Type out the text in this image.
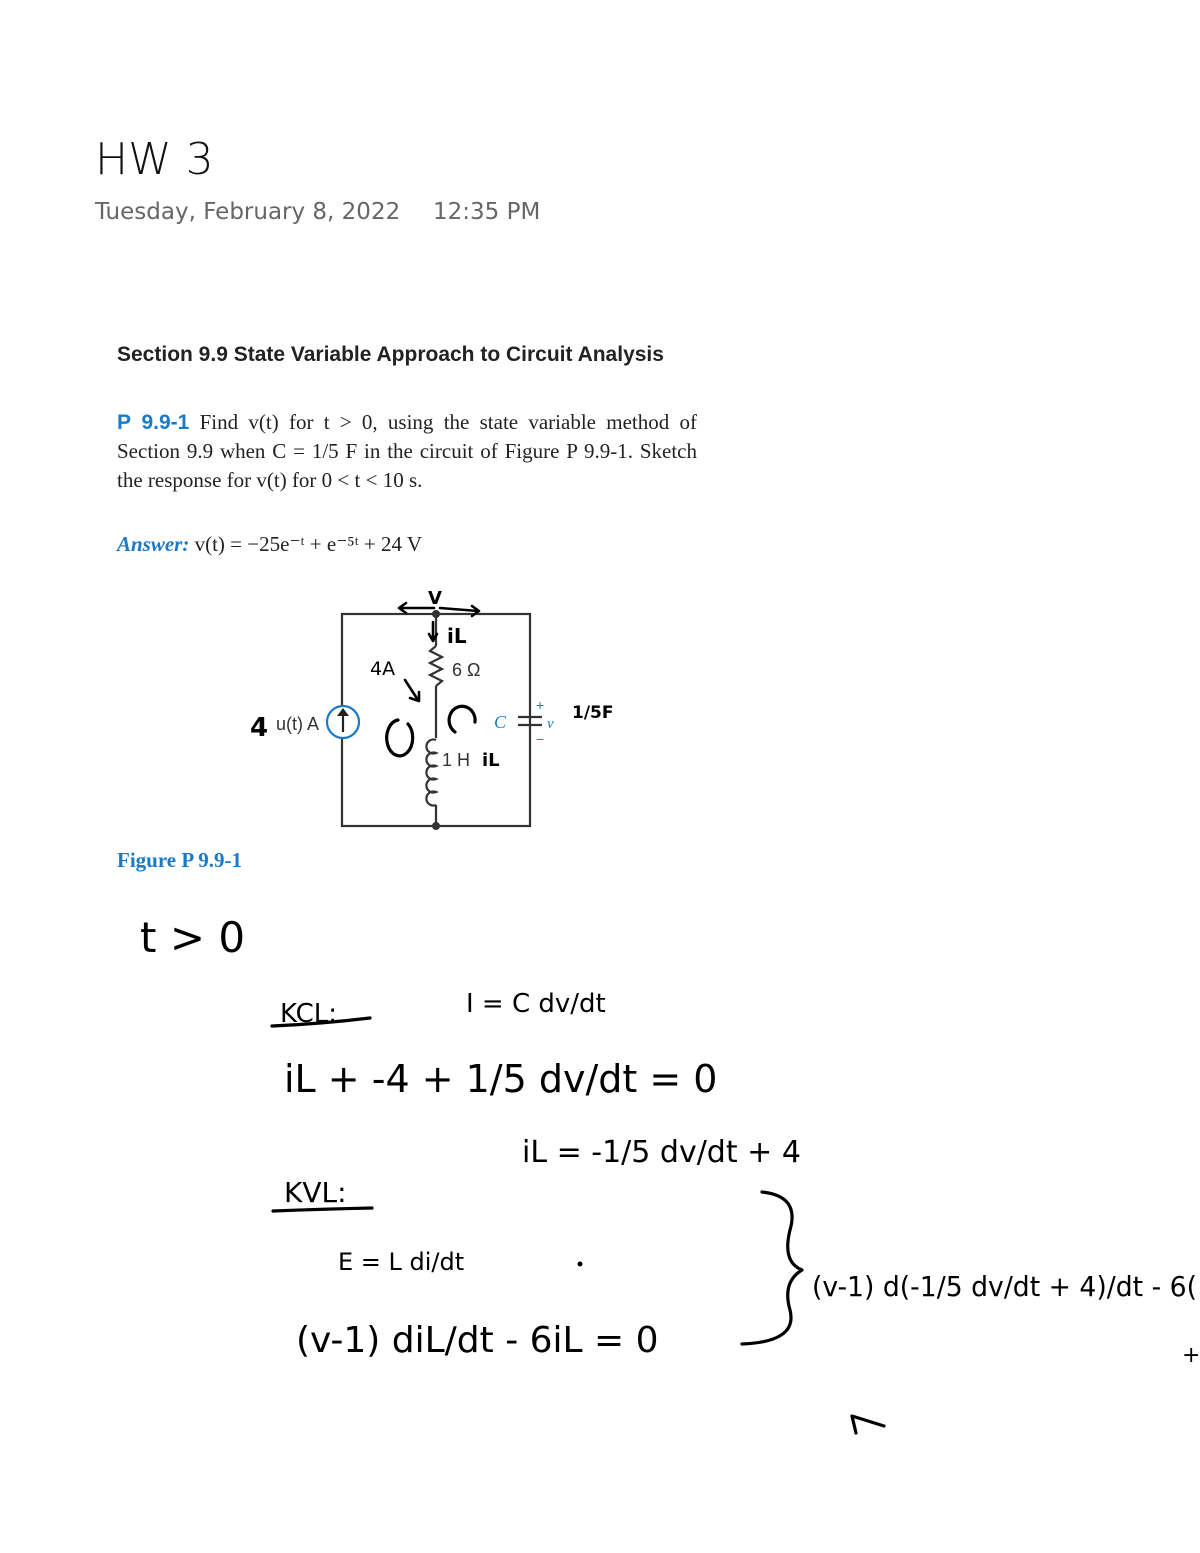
HW 3
Tuesday, February 8, 2022 12:35 PM
Section 9.9 State Variable Approach to Circuit Analysis
P 9.9-1 Find v(t) for t > 0, using the state variable method of Section 9.9 when C = 1/5 F in the circuit of Figure P 9.9-1. Sketch the response for v(t) for 0 < t < 10 s.
Answer: v(t) = −25e⁻ᵗ + e⁻⁵ᵗ + 24 V
Figure P 9.9-1
u(t) A
6 Ω
1 H
C	v
+
−
4
V
iL
4A
iL
1/5F
t > 0
KCL:	I = C dv/dt
iL + -4 + 1/5 dv/dt = 0
iL = -1/5 dv/dt + 4
KVL:
E = L di/dt
(v-1) diL/dt - 6iL = 0
(v-1) d(-1/5 dv/dt + 4)/dt - 6(
+
